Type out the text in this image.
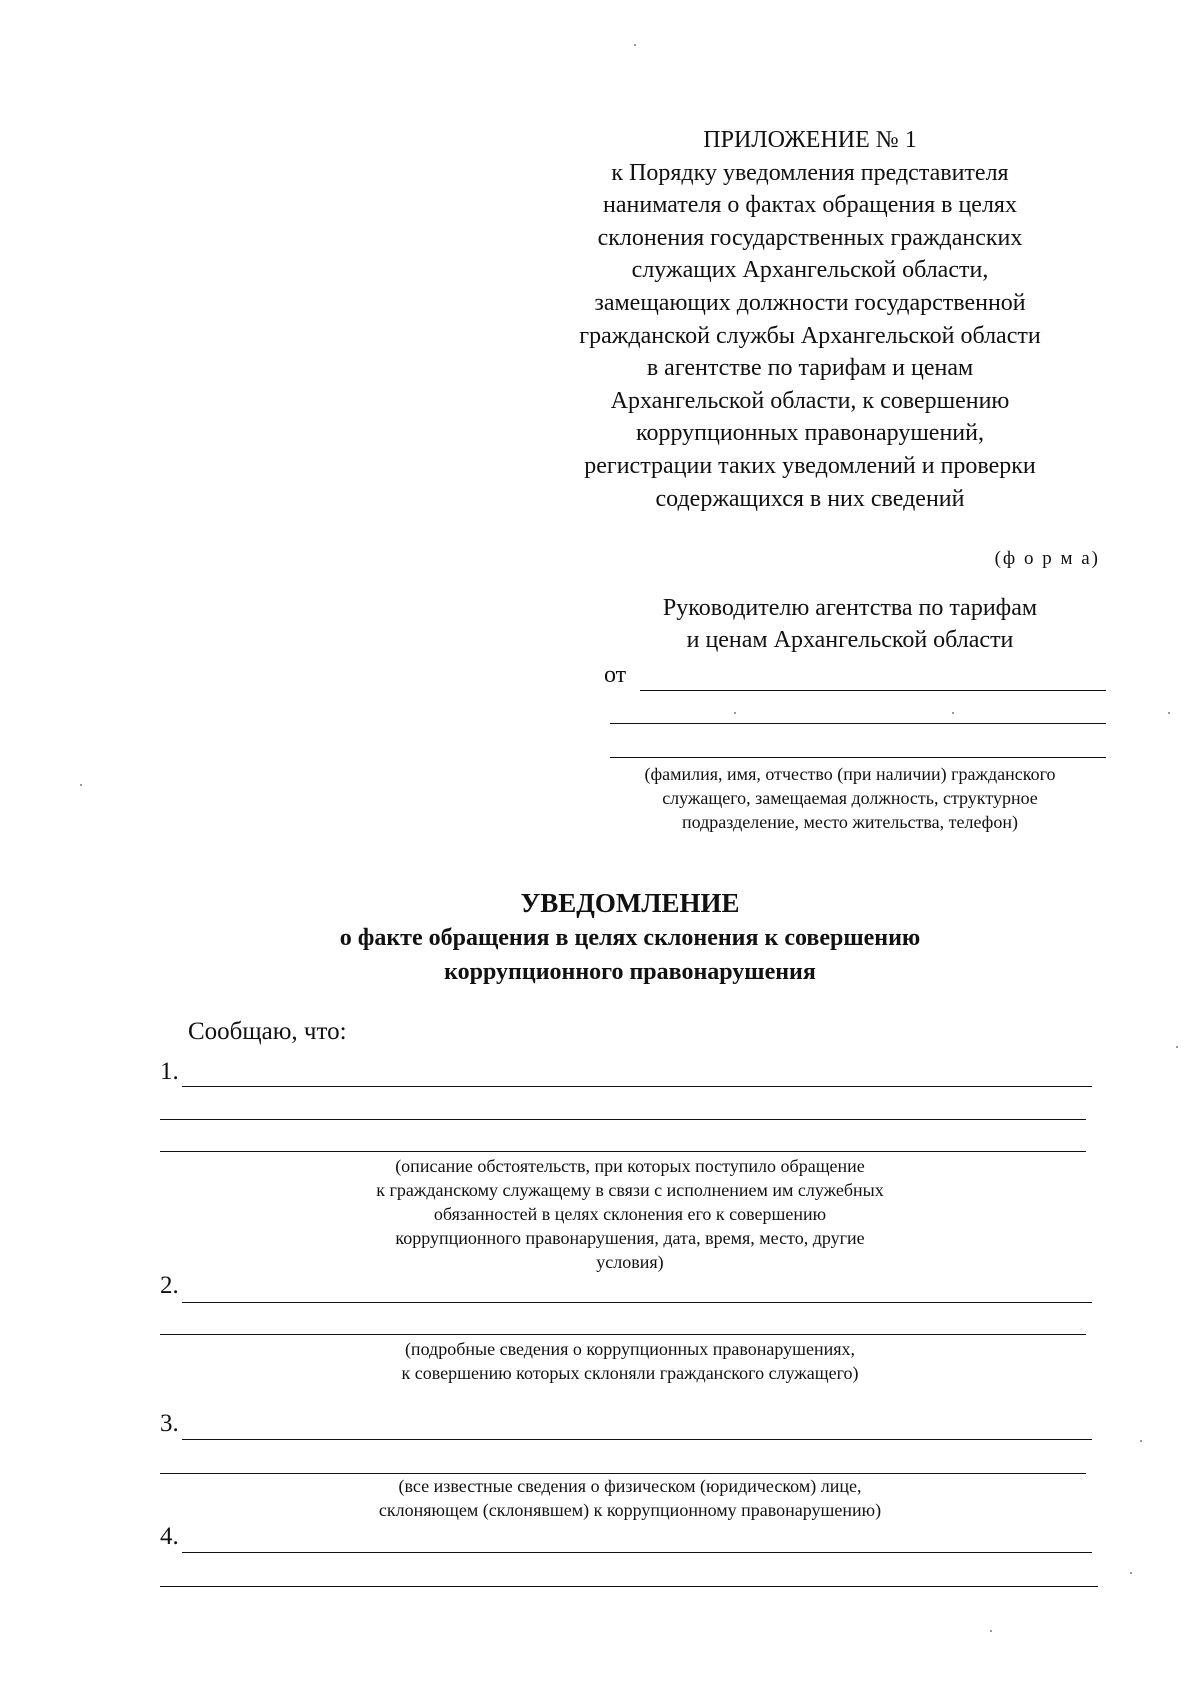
ПРИЛОЖЕНИЕ № 1
к Порядку уведомления представителя
нанимателя о фактах обращения в целях
склонения государственных гражданских
служащих Архангельской области,
замещающих должности государственной
гражданской службы Архангельской области
в агентстве по тарифам и ценам
Архангельской области, к совершению
коррупционных правонарушений,
регистрации таких уведомлений и проверки
содержащихся в них сведений
(ф о р м а)
Руководителю агентства по тарифам
и ценам Архангельской области
от
(фамилия, имя, отчество (при наличии) гражданского
служащего, замещаемая должность, структурное
подразделение, место жительства, телефон)
УВЕДОМЛЕНИЕ
о факте обращения в целях склонения к совершению
коррупционного правонарушения
Сообщаю, что:
1.
(описание обстоятельств, при которых поступило обращение
к гражданскому служащему в связи с исполнением им служебных
обязанностей в целях склонения его к совершению
коррупционного правонарушения, дата, время, место, другие
условия)
2.
(подробные сведения о коррупционных правонарушениях,
к совершению которых склоняли гражданского служащего)
3.
(все известные сведения о физическом (юридическом) лице,
склоняющем (склонявшем) к коррупционному правонарушению)
4.
